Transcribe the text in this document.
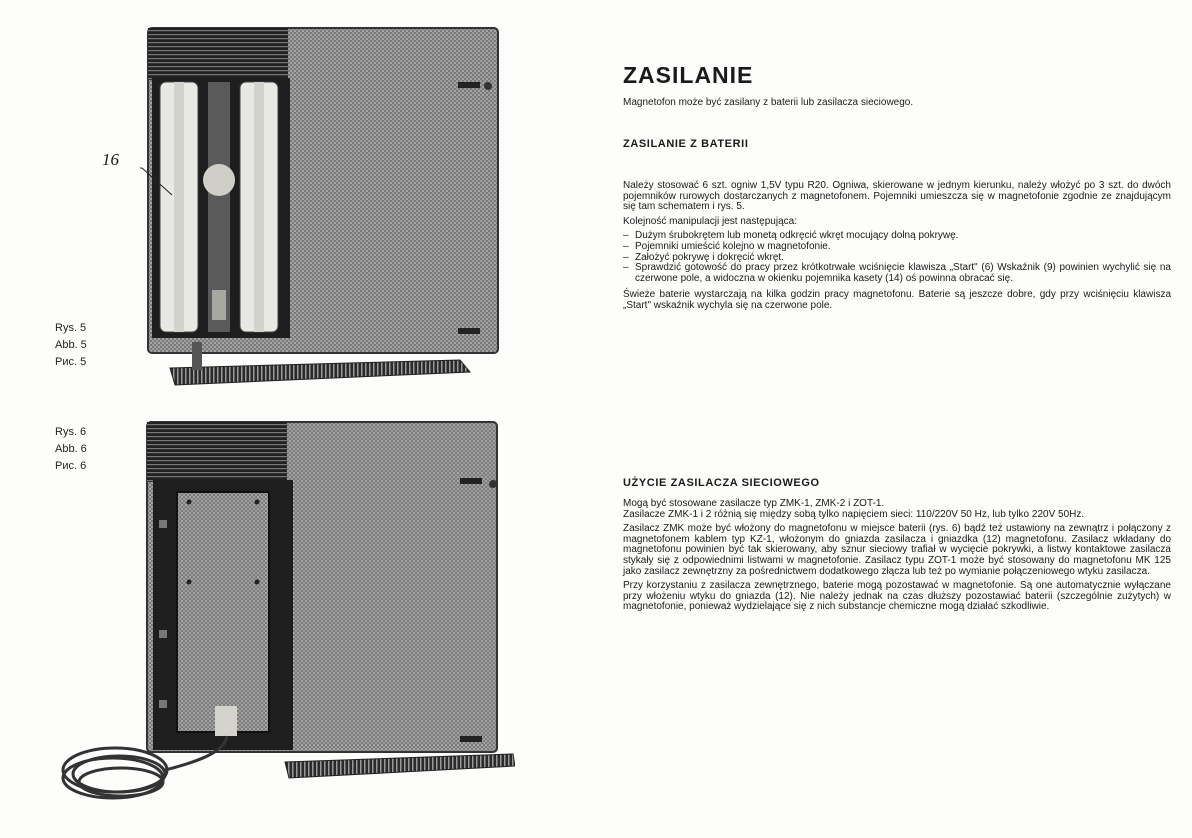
16
Rys. 5
Abb. 5
Рис. 5
Rys. 6
Abb. 6
Рис. 6
ZASILANIE

Magnetofon może być zasilany z baterii lub zasilacza sieciowego.

ZASILANIE Z BATERII

Należy stosować 6 szt. ogniw 1,5V typu R20. Ogniwa, skierowane w jednym kierunku, należy włożyć po 3 szt. do dwóch pojemników rurowych dostarczanych z magnetofonem. Pojemniki umieszcza się w magnetofonie zgodnie ze znajdującym się tam schematem i rys. 5.

Kolejność manipulacji jest następująca:

– Dużym śrubokrętem lub monetą odkręcić wkręt mocujący dolną pokrywę.
– Pojemniki umieścić kolejno w magnetofonie.
– Założyć pokrywę i dokręcić wkręt.
– Sprawdzić gotowość do pracy przez krótkotrwałe wciśnięcie klawisza „Start" (6) Wskaźnik (9) powinien wychylić się na czerwone pole, a widoczna w okienku pojemnika kasety (14) oś powinna obracać się.

Świeże baterie wystarczają na kilka godzin pracy magnetofonu. Baterie są jeszcze dobre, gdy przy wciśnięciu klawisza „Start" wskaźnik wychyla się na czerwone pole.

UŻYCIE ZASILACZA SIECIOWEGO

Mogą być stosowane zasilacze typ ZMK-1, ZMK-2 i ZOT-1.

Zasilacze ZMK-1 i 2 różnią się między sobą tylko napięciem sieci: 110/220V 50 Hz, lub tylko 220V 50Hz.

Zasilacz ZMK może być włożony do magnetofonu w miejsce baterii (rys. 6) bądź też ustawiony na zewnątrz i połączony z magnetofonem kablem typ KZ-1, włożonym do gniazda zasilacza i gniazdka (12) magnetofonu. Zasilacz wkładany do magnetofonu powinien być tak skierowany, aby sznur sieciowy trafiał w wycięcie pokrywki, a listwy kontaktowe zasilacza stykały się z odpowiednimi listwami w magnetofonie. Zasilacz typu ZOT-1 może być stosowany do magnetofonu MK 125 jako zasilacz zewnętrzny za pośrednictwem dodatkowego złącza lub też po wymianie połączeniowego wtyku zasilacza.

Przy korzystaniu z zasilacza zewnętrznego, baterie mogą pozostawać w magnetofonie. Są one automatycznie wyłączane przy włożeniu wtyku do gniazda (12). Nie należy jednak na czas dłuższy pozostawiać baterii (szczególnie zużytych) w magnetofonie, ponieważ wydzielające się z nich substancje chemiczne mogą działać szkodliwie.
